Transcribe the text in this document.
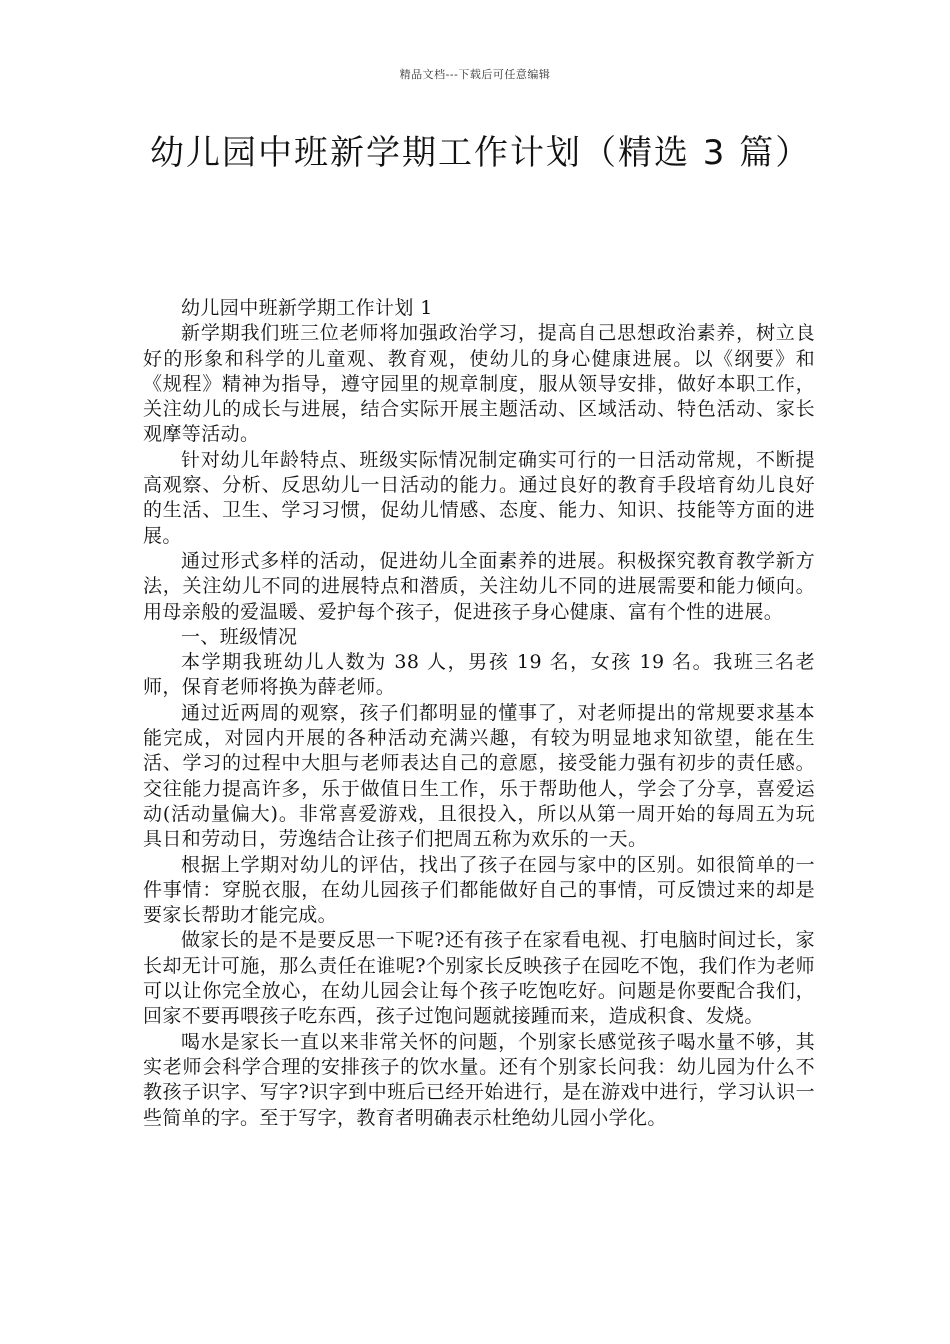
精品文档---下载后可任意编辑
幼儿园中班新学期工作计划（精选 3 篇）

幼儿园中班新学期工作计划 1

新学期我们班三位老师将加强政治学习，提高自己思想政治素养，树立良好的形象和科学的儿童观、教育观，使幼儿的身心健康进展。以《纲要》和《规程》精神为指导，遵守园里的规章制度，服从领导安排，做好本职工作，关注幼儿的成长与进展，结合实际开展主题活动、区域活动、特色活动、家长观摩等活动。

针对幼儿年龄特点、班级实际情况制定确实可行的一日活动常规，不断提高观察、分析、反思幼儿一日活动的能力。通过良好的教育手段培育幼儿良好的生活、卫生、学习习惯，促幼儿情感、态度、能力、知识、技能等方面的进展。

通过形式多样的活动，促进幼儿全面素养的进展。积极探究教育教学新方法，关注幼儿不同的进展特点和潜质，关注幼儿不同的进展需要和能力倾向。用母亲般的爱温暖、爱护每个孩子，促进孩子身心健康、富有个性的进展。

一、班级情况

本学期我班幼儿人数为 38 人，男孩 19 名，女孩 19 名。我班三名老师，保育老师将换为薛老师。

通过近两周的观察，孩子们都明显的懂事了，对老师提出的常规要求基本能完成，对园内开展的各种活动充满兴趣，有较为明显地求知欲望，能在生活、学习的过程中大胆与老师表达自己的意愿，接受能力强有初步的责任感。交往能力提高许多，乐于做值日生工作，乐于帮助他人，学会了分享，喜爱运动(活动量偏大)。非常喜爱游戏，且很投入，所以从第一周开始的每周五为玩具日和劳动日，劳逸结合让孩子们把周五称为欢乐的一天。

根据上学期对幼儿的评估，找出了孩子在园与家中的区别。如很简单的一件事情：穿脱衣服，在幼儿园孩子们都能做好自己的事情，可反馈过来的却是要家长帮助才能完成。

做家长的是不是要反思一下呢?还有孩子在家看电视、打电脑时间过长，家长却无计可施，那么责任在谁呢?个别家长反映孩子在园吃不饱，我们作为老师可以让你完全放心，在幼儿园会让每个孩子吃饱吃好。问题是你要配合我们，回家不要再喂孩子吃东西，孩子过饱问题就接踵而来，造成积食、发烧。

喝水是家长一直以来非常关怀的问题，个别家长感觉孩子喝水量不够，其实老师会科学合理的安排孩子的饮水量。还有个别家长问我：幼儿园为什么不教孩子识字、写字?识字到中班后已经开始进行，是在游戏中进行，学习认识一些简单的字。至于写字，教育者明确表示杜绝幼儿园小学化。
